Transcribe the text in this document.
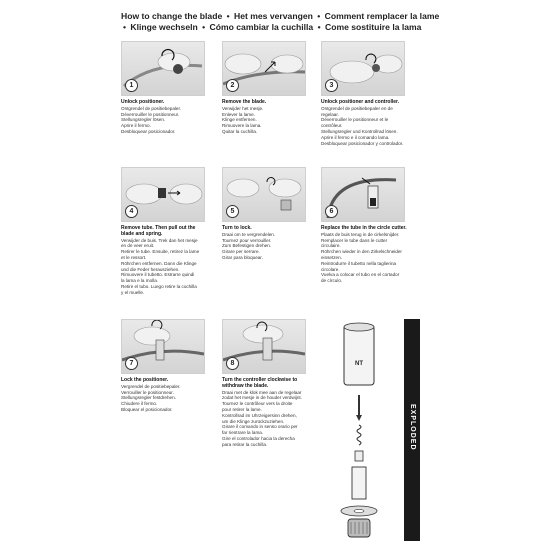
How to change the blade • Het mes vervangen • Comment remplacer la lame
• Klinge wechseln • Cómo cambiar la cuchilla • Come sostituire la lama
1
Unlock positioner.
Ontgrendel de positiebepaler.
Déverrouiller le positionneur.
Stellungsregler lösen.
Aprire il fermo.
Desbloquear posicionador.
2
Remove the blade.
Verwijder het mesje.
Enlever la lame.
Klinge entfernen.
Rimuovere la lama.
Quitar la cuchilla.
3
Unlock positioner and controller.
Ontgrendel de positiebepaler en de
regelaar.
Déverrouiller le positionneur et le
contrôleur.
Stellungsregler und Kontrollrad lösen.
Aprire il fermo e il comando lama.
Desbloquear posicionador y controlador.
4
Remove tube. Then pull out the blade and spring.
Verwijder de buis. Trek dan het mesje
en de veer eruit.
Retirer le tube. Ensuite, retirez la lame
et le ressort.
Röhrchen entfernen. Dann die Klinge
und die Feder herausziehen.
Rimuovere il tubetto. Estrarre quindi
la lama e la molla.
Retire el tubo. Luego retire la cuchilla
y el muelle.
5
Turn to lock.
Draai om te vergrendelen.
Tournez pour verrouiller.
Zum Befestigen drehen.
Girare per serrare.
Girar para bloquear.
6
Replace the tube in the circle cutter.
Plaats de buis terug in de cirkelsnijder.
Remplacer le tube dans le cutter
circulaire.
Röhrchen wieder in den Zirkelschneider
einsetzen.
Reintrodurre il tubetto nella taglierina
circolare.
Vuelva a colocar el tubo en el cortador
de círculo.
7
Lock the positioner.
Vergrendel de positiebepaler.
Verrouiller le positionneur.
Stellungsregler festdrehen.
Chiudere il fermo.
Bloquear el posicionador.
8
Turn the controller clockwise to withdraw the blade.
Draai met de klok mee aan de regelaar
zodat het mesje in de houder verdwijnt.
Tournez le contrôleur vers la droite
pour retirer la lame.
Kontrollrad im Uhrzeigersinn drehen,
um die Klinge zurückzuziehen.
Girare il comando in senso orario per
far rientrare la lama.
Gire el controlador hacia la derecha
para retirar la cuchilla.
NT
EXPLODED
